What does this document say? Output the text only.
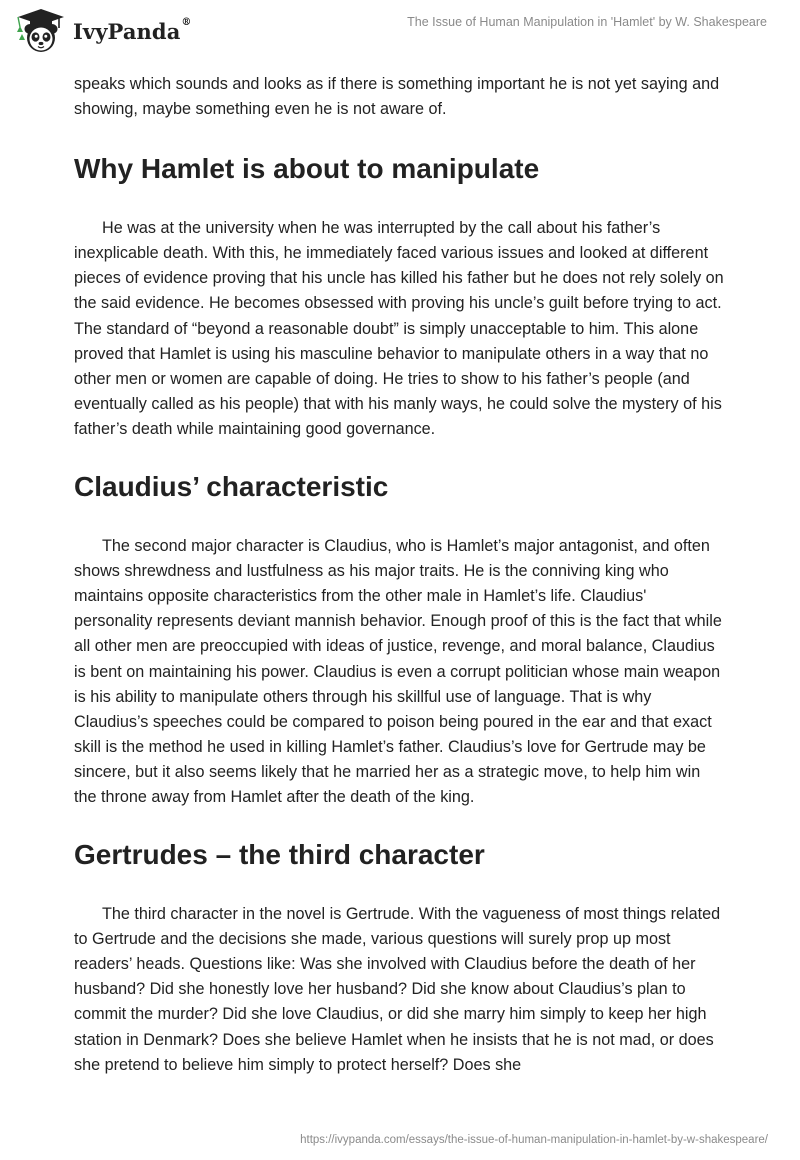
IvyPanda®	The Issue of Human Manipulation in 'Hamlet' by W. Shakespeare

speaks which sounds and looks as if there is something important he is not yet saying and showing, maybe something even he is not aware of.

Why Hamlet is about to manipulate

He was at the university when he was interrupted by the call about his father’s inexplicable death. With this, he immediately faced various issues and looked at different pieces of evidence proving that his uncle has killed his father but he does not rely solely on the said evidence. He becomes obsessed with proving his uncle’s guilt before trying to act. The standard of “beyond a reasonable doubt” is simply unacceptable to him. This alone proved that Hamlet is using his masculine behavior to manipulate others in a way that no other men or women are capable of doing. He tries to show to his father’s people (and eventually called as his people) that with his manly ways, he could solve the mystery of his father’s death while maintaining good governance.

Claudius’ characteristic

The second major character is Claudius, who is Hamlet’s major antagonist, and often shows shrewdness and lustfulness as his major traits. He is the conniving king who maintains opposite characteristics from the other male in Hamlet’s life. Claudius' personality represents deviant mannish behavior. Enough proof of this is the fact that while all other men are preoccupied with ideas of justice, revenge, and moral balance, Claudius is bent on maintaining his power. Claudius is even a corrupt politician whose main weapon is his ability to manipulate others through his skillful use of language. That is why Claudius’s speeches could be compared to poison being poured in the ear and that exact skill is the method he used in killing Hamlet’s father. Claudius’s love for Gertrude may be sincere, but it also seems likely that he married her as a strategic move, to help him win the throne away from Hamlet after the death of the king.

Gertrudes – the third character

The third character in the novel is Gertrude. With the vagueness of most things related to Gertrude and the decisions she made, various questions will surely prop up most readers’ heads. Questions like: Was she involved with Claudius before the death of her husband? Did she honestly love her husband? Did she know about Claudius’s plan to commit the murder? Did she love Claudius, or did she marry him simply to keep her high station in Denmark? Does she believe Hamlet when he insists that he is not mad, or does she pretend to believe him simply to protect herself? Does she

https://ivypanda.com/essays/the-issue-of-human-manipulation-in-hamlet-by-w-shakespeare/
